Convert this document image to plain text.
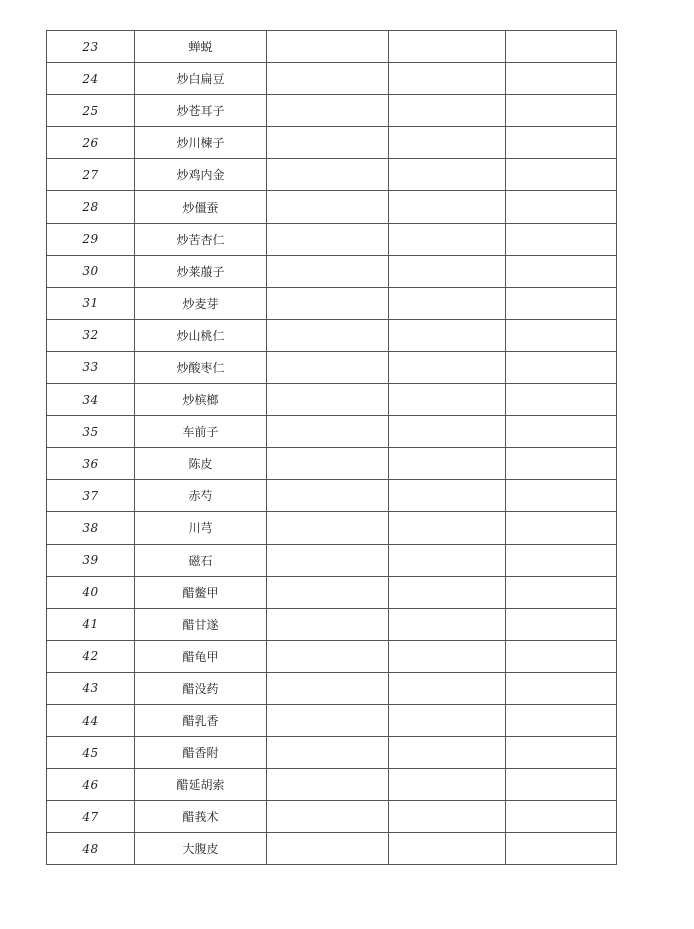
23	蝉蜕			
24	炒白扁豆			
25	炒苍耳子			
26	炒川楝子			
27	炒鸡内金			
28	炒僵蚕			
29	炒苦杏仁			
30	炒莱菔子			
31	炒麦芽			
32	炒山桃仁			
33	炒酸枣仁			
34	炒槟榔			
35	车前子			
36	陈皮			
37	赤芍			
38	川芎			
39	磁石			
40	醋鳖甲			
41	醋甘遂			
42	醋龟甲			
43	醋没药			
44	醋乳香			
45	醋香附			
46	醋延胡索			
47	醋莪术			
48	大腹皮			
